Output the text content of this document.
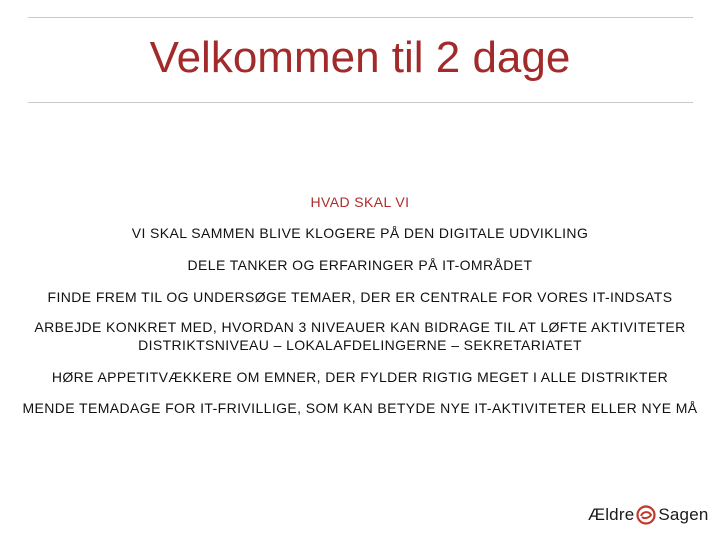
Velkommen til 2 dage
HVAD SKAL VI
VI SKAL SAMMEN BLIVE KLOGERE PÅ DEN DIGITALE UDVIKLING
DELE TANKER OG ERFARINGER PÅ IT-OMRÅDET
FINDE FREM TIL OG UNDERSØGE TEMAER, DER ER CENTRALE FOR VORES IT-INDSATS
ARBEJDE KONKRET MED, HVORDAN 3 NIVEAUER KAN BIDRAGE TIL AT LØFTE AKTIVITETER
DISTRIKTSNIVEAU – LOKALAFDELINGERNE – SEKRETARIATET
HØRE APPETITVÆKKERE OM EMNER, DER FYLDER RIGTIG MEGET I ALLE DISTRIKTER
MENDE TEMADAGE FOR IT-FRIVILLIGE, SOM KAN BETYDE NYE IT-AKTIVITETER ELLER NYE MÅ
Ældre Sagen
